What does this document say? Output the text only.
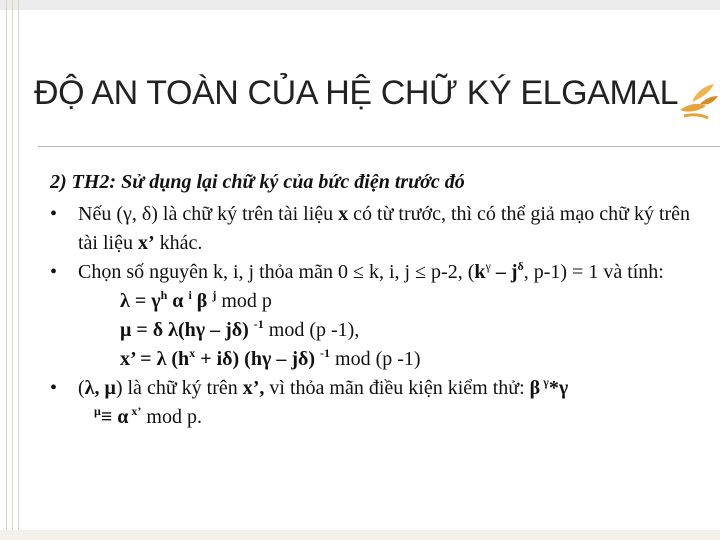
ĐỘ AN TOÀN CỦA HỆ CHỮ KÝ ELGAMAL
2) TH2: Sử dụng lại chữ ký của bức điện trước đó
•	Nếu (γ, δ) là chữ ký trên tài liệu x có từ trước, thì có thể giả mạo chữ ký trên tài liệu x’ khác.
•	Chọn số nguyên k, i, j thỏa mãn 0 ≤ k, i, j ≤ p-2, ($k^\gamma - j^\delta$, p-1) = 1 và tính:
$\lambda = \gamma^h$ α $^i$ β $^j$ mod p
μ = δ λ(hγ – jδ) $^{-1}$ mod (p -1),
x’ = λ $(h^x + i\delta)$ (hγ – jδ) $^{-1}$ mod (p -1)
•	(λ, μ) là chữ ký trên x’, vì thỏa mãn điều kiện kiểm thử: β $^\gamma$*γ
$^\mu$≡ α $^{x’}$ mod p.
